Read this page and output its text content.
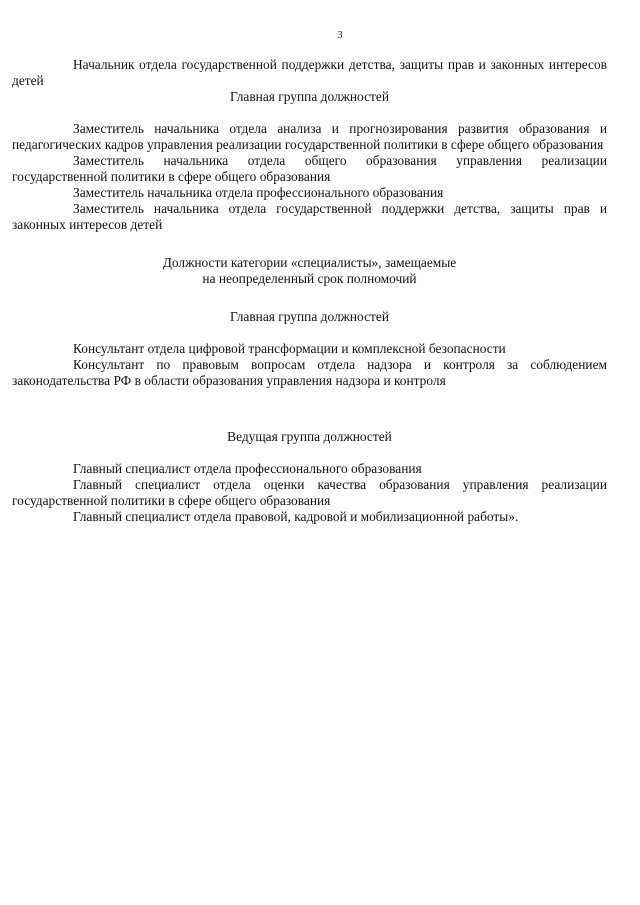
3

Начальник отдела государственной поддержки детства, защиты прав и законных интересов детей

Главная группа должностей

Заместитель начальника отдела анализа и прогнозирования развития образования и педагогических кадров управления реализации государственной политики в сфере общего образования

Заместитель начальника отдела общего образования управления реализации государственной политики в сфере общего образования

Заместитель начальника отдела профессионального образования

Заместитель начальника отдела государственной поддержки детства, защиты прав и законных интересов детей

Должности категории «специалисты», замещаемые

на неопределенный срок полномочий

Главная группа должностей

Консультант отдела цифровой трансформации и комплексной безопасности

Консультант по правовым вопросам отдела надзора и контроля за соблюдением законодательства РФ в области образования управления надзора и контроля

Ведущая группа должностей

Главный специалист отдела профессионального образования

Главный специалист отдела оценки качества образования управления реализации государственной политики в сфере общего образования

Главный специалист отдела правовой, кадровой и мобилизационной работы».
